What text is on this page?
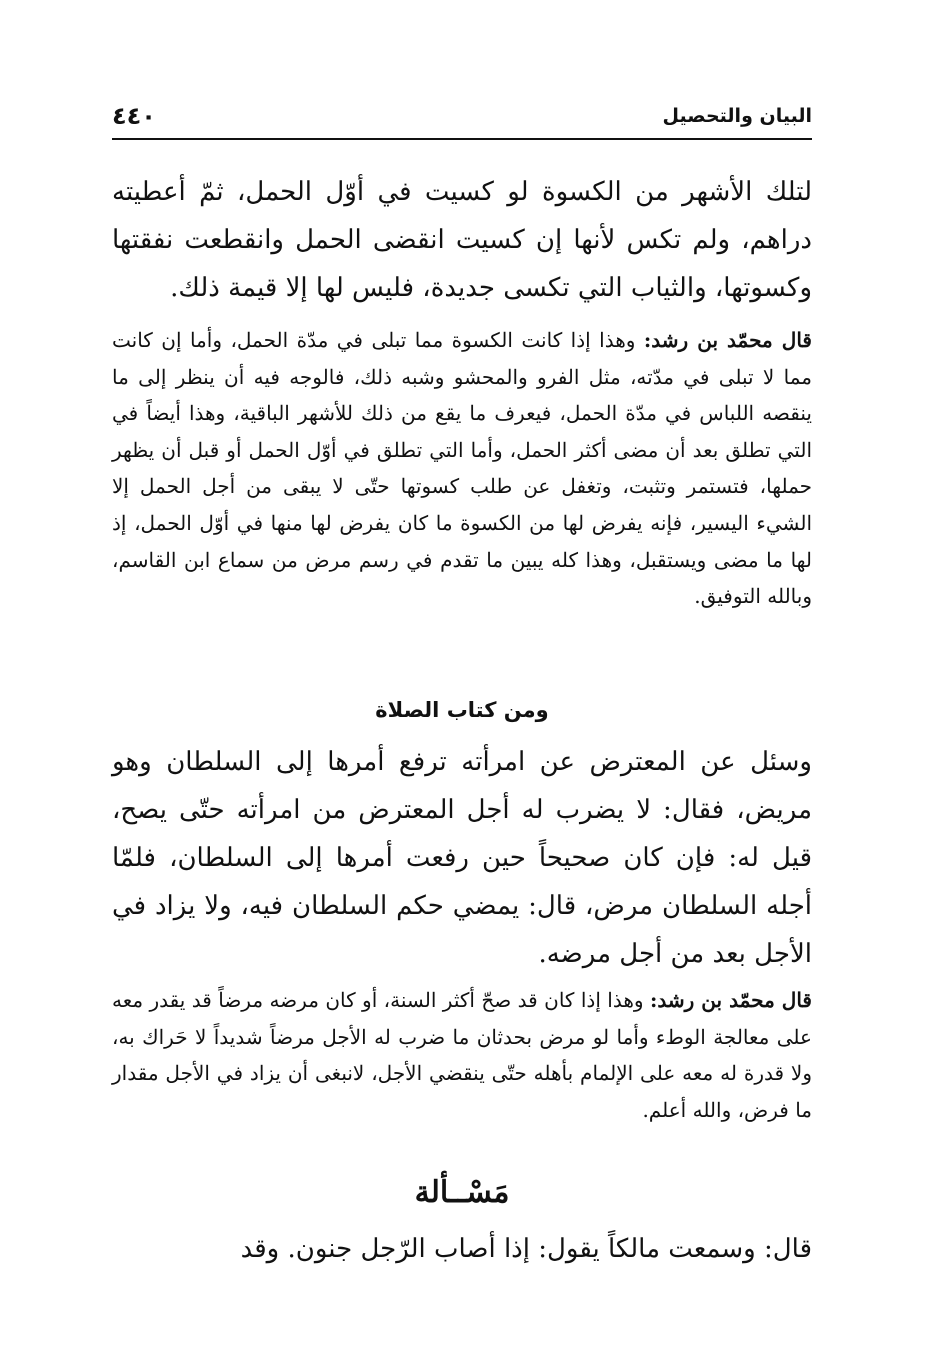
٤٤٠	البيان والتحصيل

لتلك الأشهر من الكسوة لو كسيت في أوّل الحمل، ثمّ أعطيته دراهم، ولم تكس لأنها إن كسيت انقضى الحمل وانقطعت نفقتها وكسوتها، والثياب التي تكسى جديدة، فليس لها إلا قيمة ذلك.

قال محمّد بن رشد: وهذا إذا كانت الكسوة مما تبلى في مدّة الحمل، وأما إن كانت مما لا تبلى في مدّته، مثل الفرو والمحشو وشبه ذلك، فالوجه فيه أن ينظر إلى ما ينقصه اللباس في مدّة الحمل، فيعرف ما يقع من ذلك للأشهر الباقية، وهذا أيضاً في التي تطلق بعد أن مضى أكثر الحمل، وأما التي تطلق في أوّل الحمل أو قبل أن يظهر حملها، فتستمر وتثبت، وتغفل عن طلب كسوتها حتّى لا يبقى من أجل الحمل إلا الشيء اليسير، فإنه يفرض لها من الكسوة ما كان يفرض لها منها في أوّل الحمل، إذ لها ما مضى ويستقبل، وهذا كله يبين ما تقدم في رسم مرض من سماع ابن القاسم، وبالله التوفيق.

ومن كتاب الصلاة

وسئل عن المعترض عن امرأته ترفع أمرها إلى السلطان وهو مريض، فقال: لا يضرب له أجل المعترض من امرأته حتّى يصح، قيل له: فإن كان صحيحاً حين رفعت أمرها إلى السلطان، فلمّا أجله السلطان مرض، قال: يمضي حكم السلطان فيه، ولا يزاد في الأجل بعد من أجل مرضه.

قال محمّد بن رشد: وهذا إذا كان قد صحّ أكثر السنة، أو كان مرضه مرضاً قد يقدر معه على معالجة الوطء وأما لو مرض بحدثان ما ضرب له الأجل مرضاً شديداً لا حَراك به، ولا قدرة له معه على الإلمام بأهله حتّى ينقضي الأجل، لانبغى أن يزاد في الأجل مقدار ما فرض، والله أعلم.

مَسْــألة

قال: وسمعت مالكاً يقول: إذا أصاب الرّجل جنون. وقد
